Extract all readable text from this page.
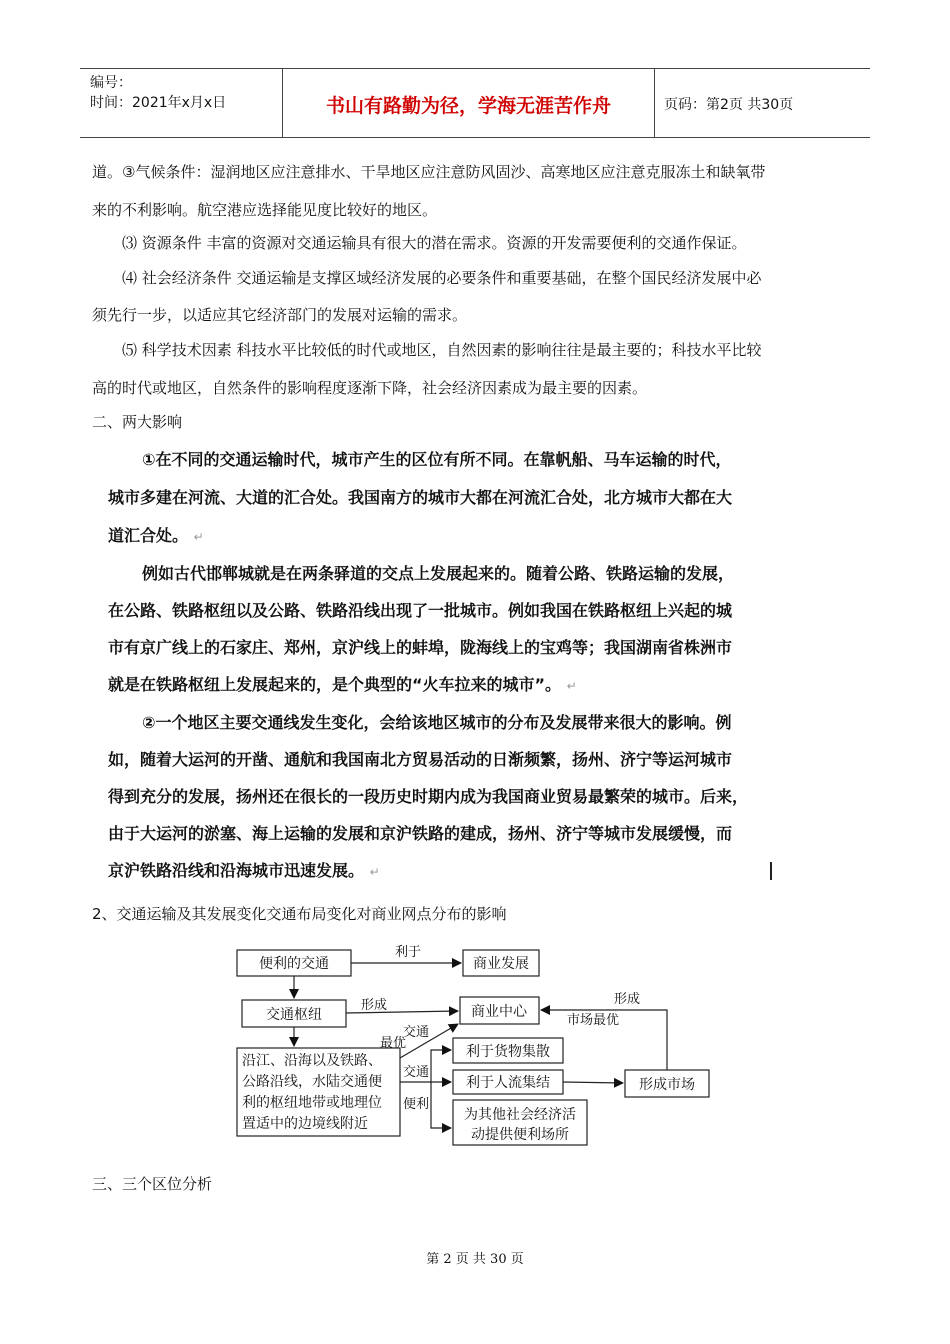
编号：
时间：2021年x月x日	书山有路勤为径，学海无涯苦作舟	页码：第2页 共30页
道。③气候条件：湿润地区应注意排水、干旱地区应注意防风固沙、高寒地区应注意克服冻土和缺氧带
来的不利影响。航空港应选择能见度比较好的地区。
⑶ 资源条件 丰富的资源对交通运输具有很大的潜在需求。资源的开发需要便利的交通作保证。
⑷ 社会经济条件 交通运输是支撑区域经济发展的必要条件和重要基础，在整个国民经济发展中必
须先行一步，以适应其它经济部门的发展对运输的需求。
⑸ 科学技术因素 科技水平比较低的时代或地区，自然因素的影响往往是最主要的；科技水平比较
高的时代或地区，自然条件的影响程度逐渐下降，社会经济因素成为最主要的因素。
二、两大影响
①在不同的交通运输时代，城市产生的区位有所不同。在靠帆船、马车运输的时代，
城市多建在河流、大道的汇合处。我国南方的城市大都在河流汇合处，北方城市大都在大
道汇合处。 ↵
例如古代邯郸城就是在两条驿道的交点上发展起来的。随着公路、铁路运输的发展，
在公路、铁路枢纽以及公路、铁路沿线出现了一批城市。例如我国在铁路枢纽上兴起的城
市有京广线上的石家庄、郑州，京沪线上的蚌埠，陇海线上的宝鸡等；我国湖南省株洲市
就是在铁路枢纽上发展起来的，是个典型的“火车拉来的城市”。 ↵
②一个地区主要交通线发生变化，会给该地区城市的分布及发展带来很大的影响。例
如，随着大运河的开凿、通航和我国南北方贸易活动的日渐频繁，扬州、济宁等运河城市
得到充分的发展，扬州还在很长的一段历史时期内成为我国商业贸易最繁荣的城市。后来，
由于大运河的淤塞、海上运输的发展和京沪铁路的建成，扬州、济宁等城市发展缓慢，而
京沪铁路沿线和沿海城市迅速发展。 ↵
2、交通运输及其发展变化交通布局变化对商业网点分布的影响
便利的交通	商业发展
交通枢纽	商业中心
沿江、沿海以及铁路、
公路沿线，水陆交通便
利的枢纽地带或地理位
置适中的边境线附近
利于货物集散
利于人流集结
为其他社会经济活
动提供便利场所
形成市场
利于
形成
交通
最优
交通
便利
形成
市场最优
三、三个区位分析
第 2 页 共 30 页
